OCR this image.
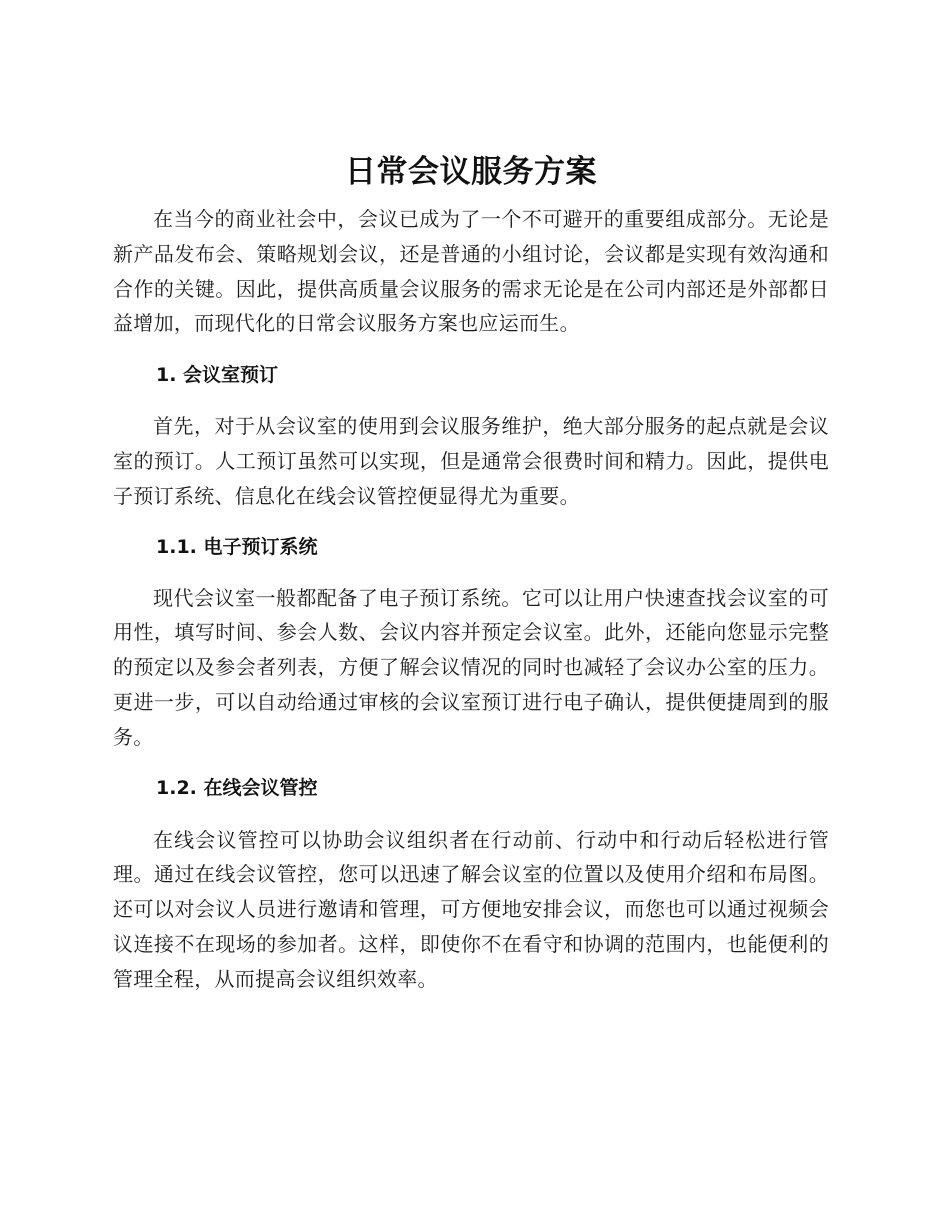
日常会议服务方案

在当今的商业社会中，会议已成为了一个不可避开的重要组成部分。无论是新产品发布会、策略规划会议，还是普通的小组讨论，会议都是实现有效沟通和合作的关键。因此，提供高质量会议服务的需求无论是在公司内部还是外部都日益增加，而现代化的日常会议服务方案也应运而生。

1. 会议室预订

首先，对于从会议室的使用到会议服务维护，绝大部分服务的起点就是会议室的预订。人工预订虽然可以实现，但是通常会很费时间和精力。因此，提供电子预订系统、信息化在线会议管控便显得尤为重要。

1.1. 电子预订系统

现代会议室一般都配备了电子预订系统。它可以让用户快速查找会议室的可用性，填写时间、参会人数、会议内容并预定会议室。此外，还能向您显示完整的预定以及参会者列表，方便了解会议情况的同时也减轻了会议办公室的压力。更进一步，可以自动给通过审核的会议室预订进行电子确认，提供便捷周到的服务。

1.2. 在线会议管控

在线会议管控可以协助会议组织者在行动前、行动中和行动后轻松进行管理。通过在线会议管控，您可以迅速了解会议室的位置以及使用介绍和布局图。还可以对会议人员进行邀请和管理，可方便地安排会议，而您也可以通过视频会议连接不在现场的参加者。这样，即使你不在看守和协调的范围内，也能便利的管理全程，从而提高会议组织效率。
